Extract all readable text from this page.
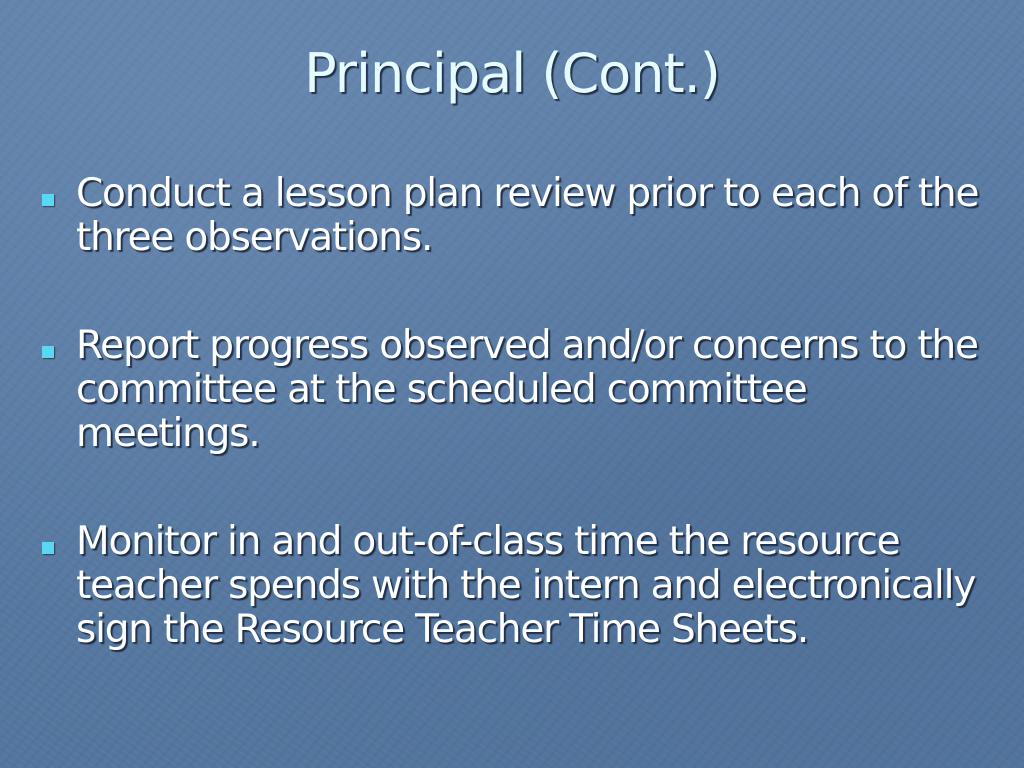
Principal (Cont.)
Conduct a lesson plan review prior to each of the three observations.
Report progress observed and/or concerns to the committee at the scheduled committee meetings.
Monitor in and out-of-class time the resource teacher spends with the intern and electronically sign the Resource Teacher Time Sheets.
